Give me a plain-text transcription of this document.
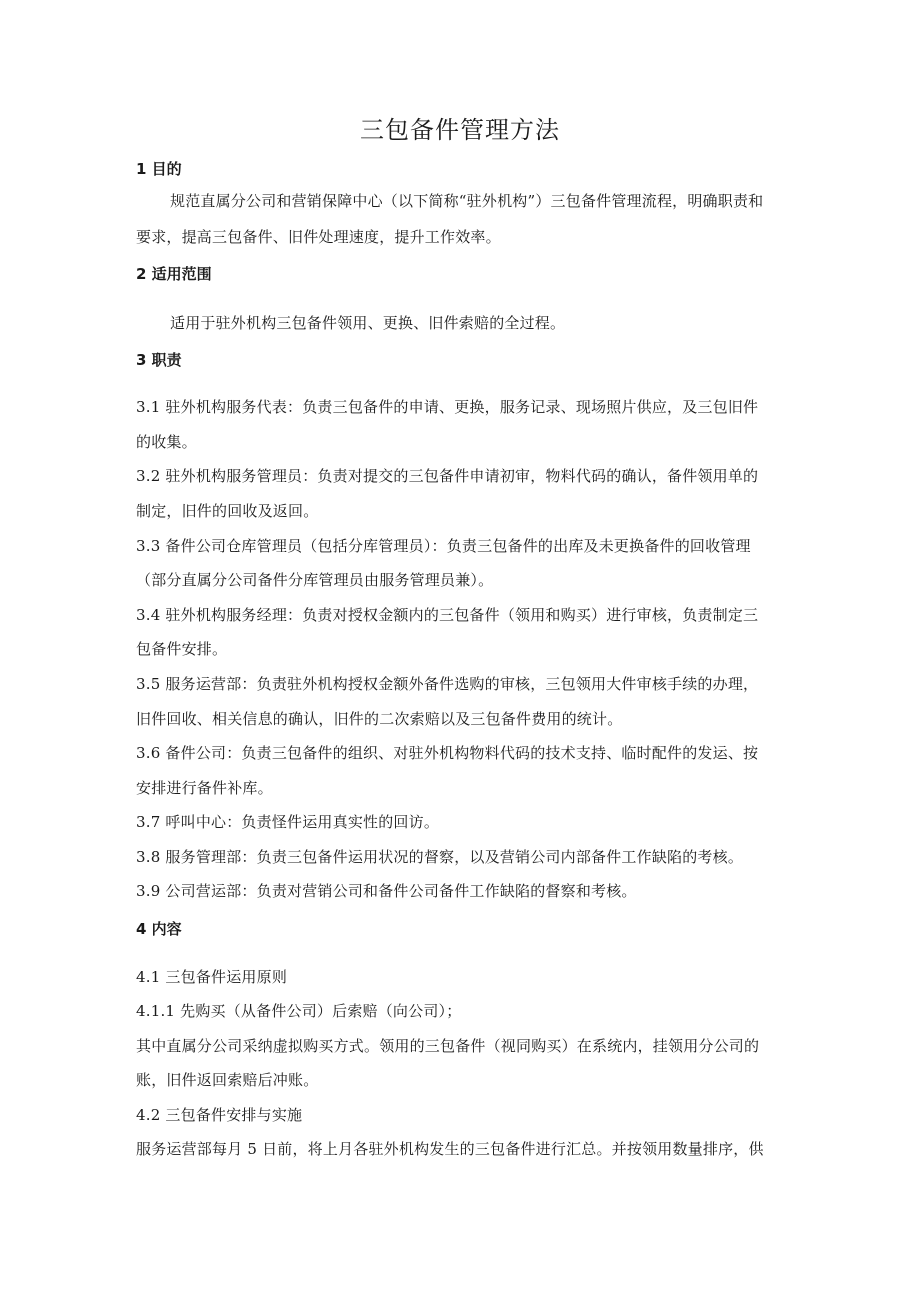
三包备件管理方法
1 目的
规范直属分公司和营销保障中心（以下简称“驻外机构”）三包备件管理流程，明确职责和
要求，提高三包备件、旧件处理速度，提升工作效率。
2 适用范围
适用于驻外机构三包备件领用、更换、旧件索赔的全过程。
3 职责
3.1 驻外机构服务代表：负责三包备件的申请、更换，服务记录、现场照片供应，及三包旧件
的收集。
3.2 驻外机构服务管理员：负责对提交的三包备件申请初审，物料代码的确认，备件领用单的
制定，旧件的回收及返回。
3.3 备件公司仓库管理员（包括分库管理员）：负责三包备件的出库及未更换备件的回收管理
（部分直属分公司备件分库管理员由服务管理员兼）。
3.4 驻外机构服务经理：负责对授权金额内的三包备件（领用和购买）进行审核，负责制定三
包备件安排。
3.5 服务运营部：负责驻外机构授权金额外备件选购的审核，三包领用大件审核手续的办理，
旧件回收、相关信息的确认，旧件的二次索赔以及三包备件费用的统计。
3.6 备件公司：负责三包备件的组织、对驻外机构物料代码的技术支持、临时配件的发运、按
安排进行备件补库。
3.7 呼叫中心：负责怪件运用真实性的回访。
3.8 服务管理部：负责三包备件运用状况的督察，以及营销公司内部备件工作缺陷的考核。
3.9 公司营运部：负责对营销公司和备件公司备件工作缺陷的督察和考核。
4 内容
4.1 三包备件运用原则
4.1.1 先购买（从备件公司）后索赔（向公司）；
其中直属分公司采纳虚拟购买方式。领用的三包备件（视同购买）在系统内，挂领用分公司的
账，旧件返回索赔后冲账。
4.2 三包备件安排与实施
服务运营部每月 5 日前，将上月各驻外机构发生的三包备件进行汇总。并按领用数量排序，供
